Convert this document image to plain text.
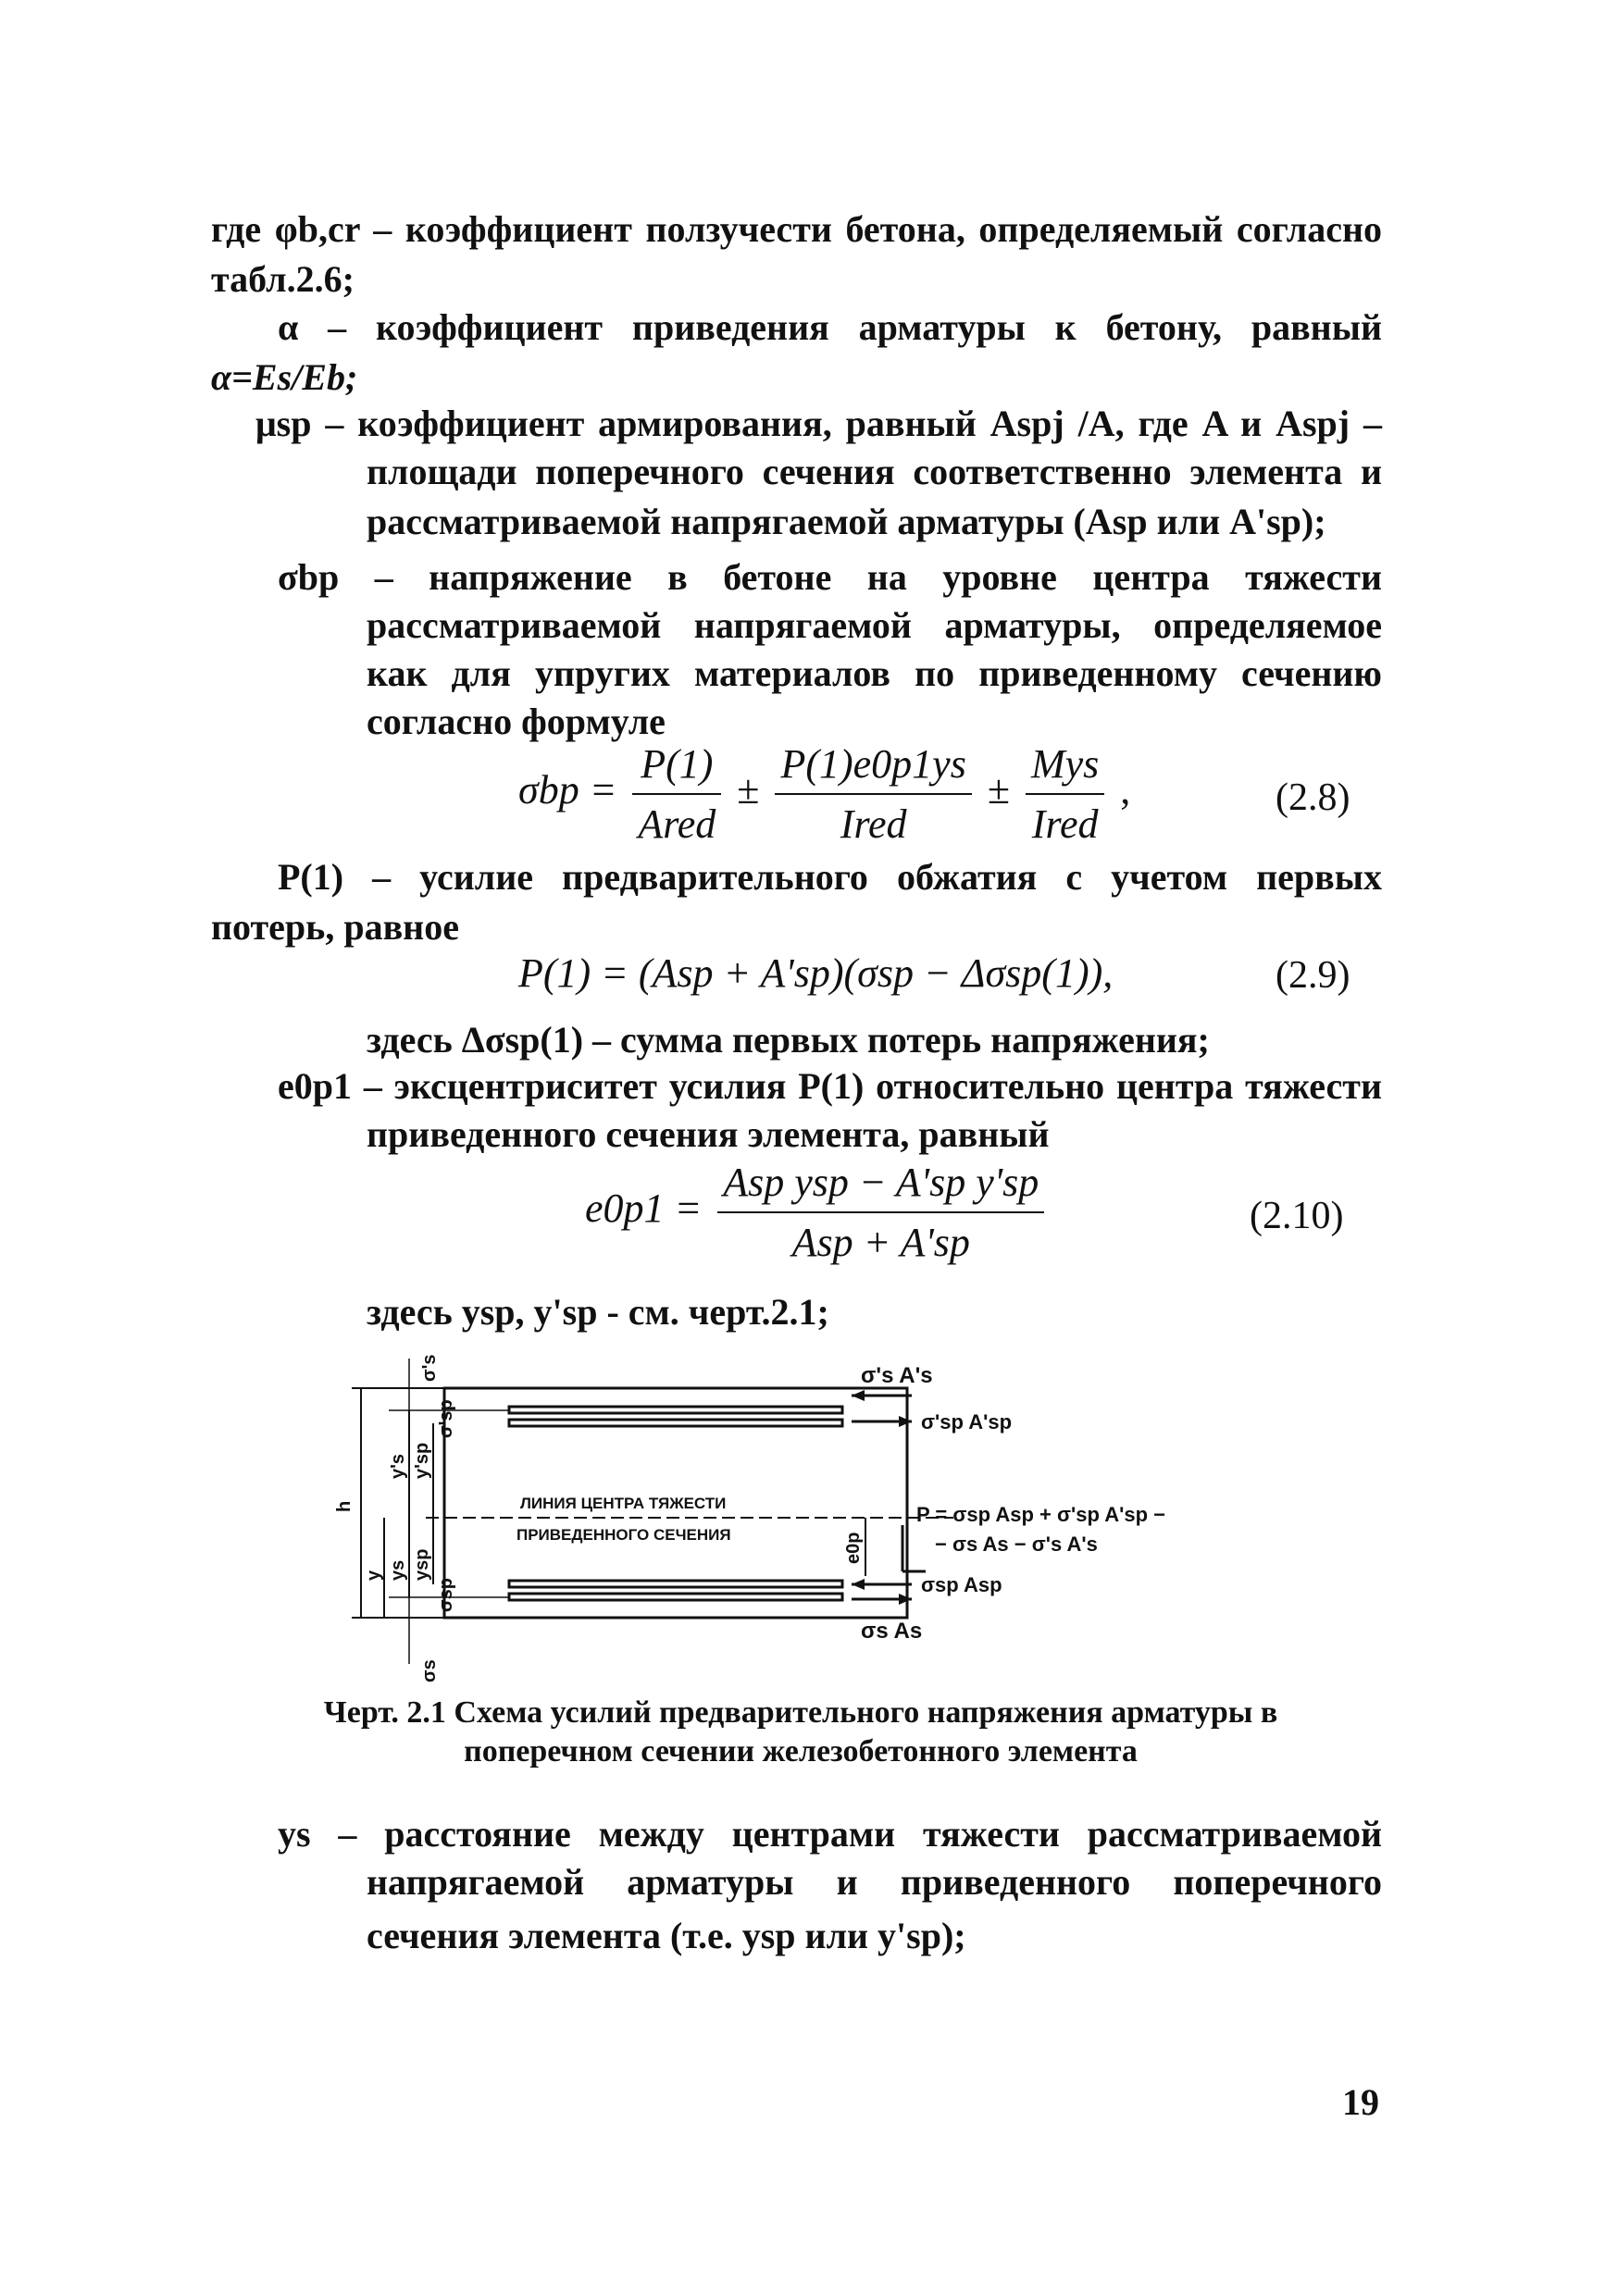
где φb,cr – коэффициент ползучести бетона, определяемый согласно
табл.2.6;
α – коэффициент приведения арматуры к бетону, равный
α=Es/Eb;
μsp – коэффициент армирования, равный Aspj /A, где A и Aspj –
площади поперечного сечения соответственно элемента и
рассматриваемой напрягаемой арматуры (Asp или A'sp);
σbp – напряжение в бетоне на уровне центра тяжести
рассматриваемой напрягаемой арматуры, определяемое
как для упругих материалов по приведенному сечению
согласно формуле
$\sigma bp = \frac{P(1)}{\text{Ared}} \pm \frac{P(1)e0p1ys}{\text{Ired}} \pm \frac{\text{Mys}}{\text{Ired}}$ ,	(2.8)
P(1) – усилие предварительного обжатия с учетом первых
потерь, равное
P(1) = (Asp + A'sp)(σsp − Δσsp(1)),	(2.9)
здесь Δσsp(1) – сумма первых потерь напряжения;
e0p1 – эксцентриситет усилия P(1) относительно центра тяжести
приведенного сечения элемента, равный
$e0p1 = \frac{\text{Asp ysp − A'sp y'sp}}{\text{Asp + A'sp}}$	(2.10)
здесь ysp, y'sp - см. черт.2.1;
σ's
σs
h
y ys ysp
σsp
y's y'sp
σ'sp
e0p
ЛИНИЯ ЦЕНТРА ТЯЖЕСТИ
ПРИВЕДЕННОГО СЕЧЕНИЯ
σ's A's
σ'sp A'sp
P = σsp Asp + σ'sp A'sp −
− σs As − σ's A's
σsp Asp
σs As
Черт. 2.1 Схема усилий предварительного напряжения арматуры в
поперечном сечении железобетонного элемента
ys – расстояние между центрами тяжести рассматриваемой
напрягаемой арматуры и приведенного поперечного
сечения элемента (т.е. ysp или y'sp);
19
